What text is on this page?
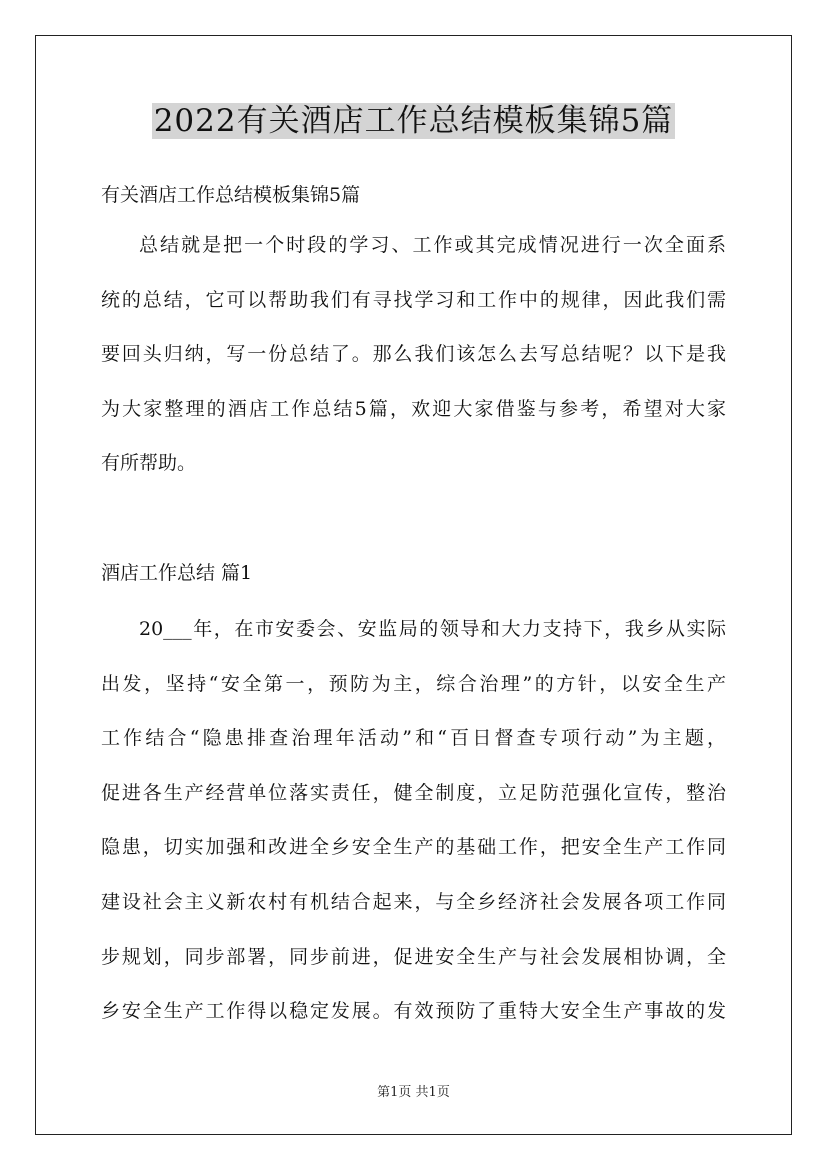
2022有关酒店工作总结模板集锦5篇
有关酒店工作总结模板集锦5篇
总结就是把一个时段的学习、工作或其完成情况进行一次全面系
统的总结，它可以帮助我们有寻找学习和工作中的规律，因此我们需
要回头归纳，写一份总结了。那么我们该怎么去写总结呢？以下是我
为大家整理的酒店工作总结5篇，欢迎大家借鉴与参考，希望对大家
有所帮助。
酒店工作总结 篇1
20___年，在市安委会、安监局的领导和大力支持下，我乡从实际
出发，坚持“安全第一，预防为主，综合治理”的方针，以安全生产
工作结合“隐患排查治理年活动”和“百日督查专项行动”为主题，
促进各生产经营单位落实责任，健全制度，立足防范强化宣传，整治
隐患，切实加强和改进全乡安全生产的基础工作，把安全生产工作同
建设社会主义新农村有机结合起来，与全乡经济社会发展各项工作同
步规划，同步部署，同步前进，促进安全生产与社会发展相协调，全
乡安全生产工作得以稳定发展。有效预防了重特大安全生产事故的发
第1页 共1页
